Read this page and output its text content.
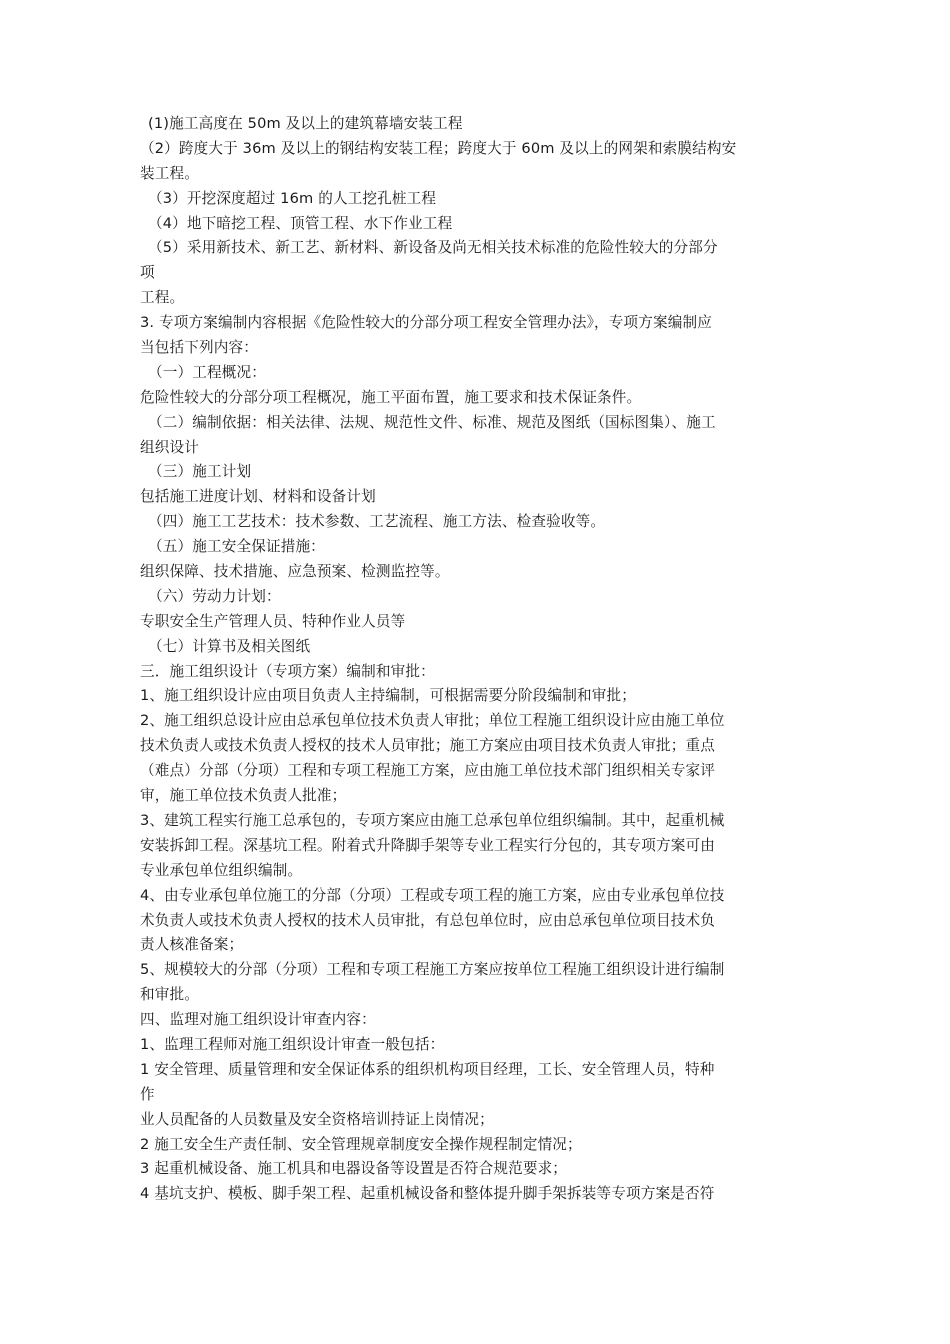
(1)施工高度在 50m 及以上的建筑幕墙安装工程
（2）跨度大于 36m 及以上的钢结构安装工程；跨度大于 60m 及以上的网架和索膜结构安
装工程。
（3）开挖深度超过 16m 的人工挖孔桩工程
（4）地下暗挖工程、顶管工程、水下作业工程
（5）采用新技术、新工艺、新材料、新设备及尚无相关技术标准的危险性较大的分部分
项
工程。
3. 专项方案编制内容根据《危险性较大的分部分项工程安全管理办法》，专项方案编制应
当包括下列内容：
（一）工程概况：
危险性较大的分部分项工程概况，施工平面布置，施工要求和技术保证条件。
（二）编制依据：相关法律、法规、规范性文件、标准、规范及图纸（国标图集）、施工
组织设计
（三）施工计划
包括施工进度计划、材料和设备计划
（四）施工工艺技术：技术参数、工艺流程、施工方法、检查验收等。
（五）施工安全保证措施：
组织保障、技术措施、应急预案、检测监控等。
（六）劳动力计划：
专职安全生产管理人员、特种作业人员等
（七）计算书及相关图纸
三．施工组织设计（专项方案）编制和审批：
1、施工组织设计应由项目负责人主持编制，可根据需要分阶段编制和审批；
2、施工组织总设计应由总承包单位技术负责人审批；单位工程施工组织设计应由施工单位
技术负责人或技术负责人授权的技术人员审批；施工方案应由项目技术负责人审批；重点
（难点）分部（分项）工程和专项工程施工方案，应由施工单位技术部门组织相关专家评
审，施工单位技术负责人批准；
3、建筑工程实行施工总承包的，专项方案应由施工总承包单位组织编制。其中，起重机械
安装拆卸工程。深基坑工程。附着式升降脚手架等专业工程实行分包的，其专项方案可由
专业承包单位组织编制。
4、由专业承包单位施工的分部（分项）工程或专项工程的施工方案，应由专业承包单位技
术负责人或技术负责人授权的技术人员审批，有总包单位时，应由总承包单位项目技术负
责人核准备案；
5、规模较大的分部（分项）工程和专项工程施工方案应按单位工程施工组织设计进行编制
和审批。
四、监理对施工组织设计审查内容：
1、监理工程师对施工组织设计审查一般包括：
1 安全管理、质量管理和安全保证体系的组织机构项目经理，工长、安全管理人员，特种
作
业人员配备的人员数量及安全资格培训持证上岗情况；
2 施工安全生产责任制、安全管理规章制度安全操作规程制定情况；
3 起重机械设备、施工机具和电器设备等设置是否符合规范要求；
4 基坑支护、模板、脚手架工程、起重机械设备和整体提升脚手架拆装等专项方案是否符
